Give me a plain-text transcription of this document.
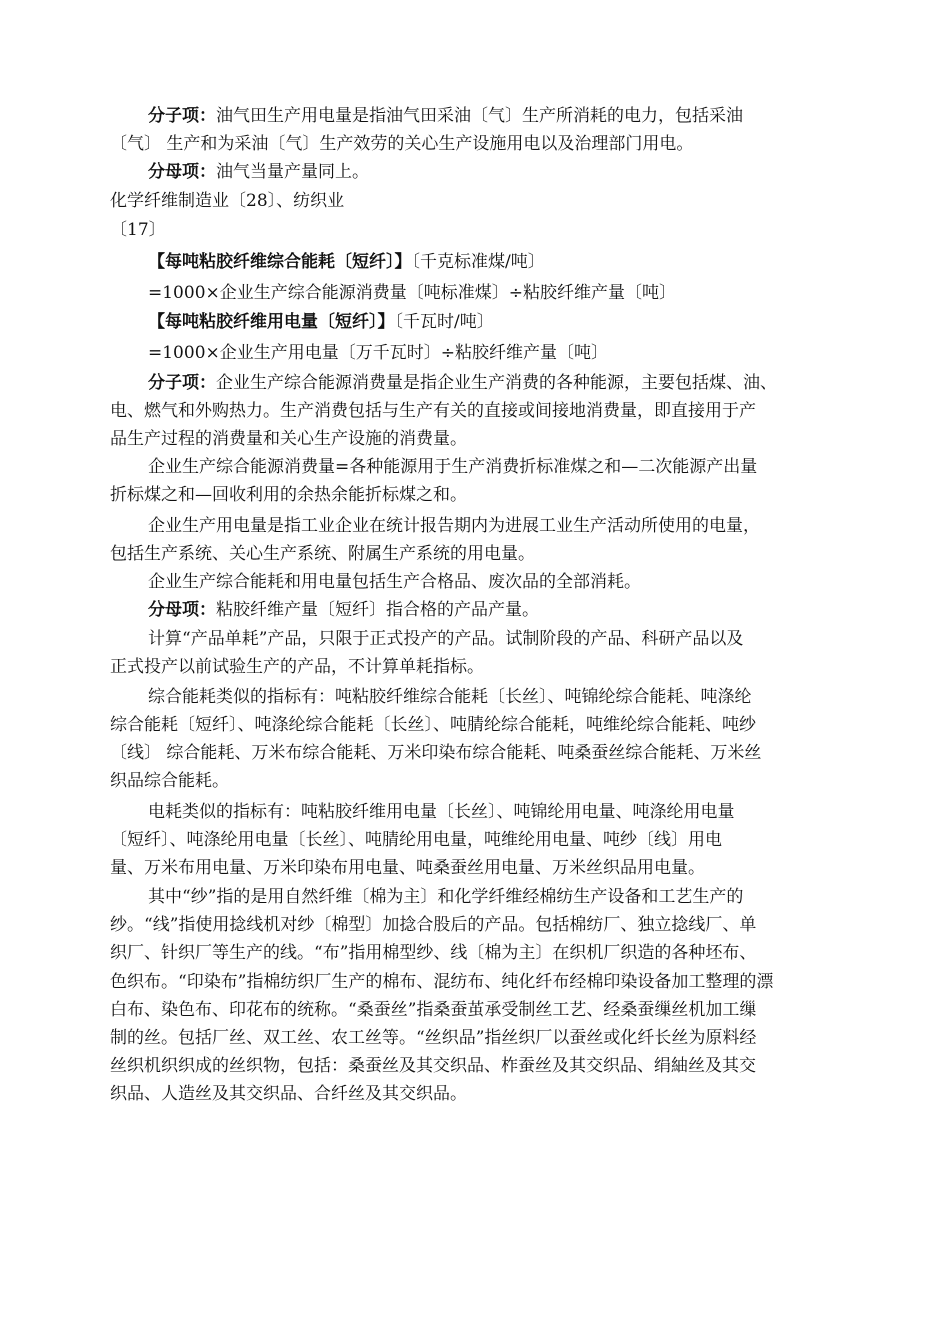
分子项：油气田生产用电量是指油气田采油〔气〕生产所消耗的电力，包括采油
〔气〕 生产和为采油〔气〕生产效劳的关心生产设施用电以及治理部门用电。
分母项：油气当量产量同上。
化学纤维制造业〔28〕、纺织业
〔17〕
【每吨粘胶纤维综合能耗〔短纤〕】〔千克标准煤/吨〕
=1000×企业生产综合能源消费量〔吨标准煤〕÷粘胶纤维产量〔吨〕
【每吨粘胶纤维用电量〔短纤〕】〔千瓦时/吨〕
=1000×企业生产用电量〔万千瓦时〕÷粘胶纤维产量〔吨〕
分子项：企业生产综合能源消费量是指企业生产消费的各种能源，主要包括煤、油、
电、燃气和外购热力。生产消费包括与生产有关的直接或间接地消费量，即直接用于产
品生产过程的消费量和关心生产设施的消费量。
企业生产综合能源消费量=各种能源用于生产消费折标准煤之和—二次能源产出量
折标煤之和—回收利用的余热余能折标煤之和。
企业生产用电量是指工业企业在统计报告期内为进展工业生产活动所使用的电量，
包括生产系统、关心生产系统、附属生产系统的用电量。
企业生产综合能耗和用电量包括生产合格品、废次品的全部消耗。
分母项：粘胶纤维产量〔短纤〕指合格的产品产量。
计算“产品单耗”产品，只限于正式投产的产品。试制阶段的产品、科研产品以及
正式投产以前试验生产的产品，不计算单耗指标。
综合能耗类似的指标有：吨粘胶纤维综合能耗〔长丝〕、吨锦纶综合能耗、吨涤纶
综合能耗〔短纤〕、吨涤纶综合能耗〔长丝〕、吨腈纶综合能耗，吨维纶综合能耗、吨纱
〔线〕 综合能耗、万米布综合能耗、万米印染布综合能耗、吨桑蚕丝综合能耗、万米丝
织品综合能耗。
电耗类似的指标有：吨粘胶纤维用电量〔长丝〕、吨锦纶用电量、吨涤纶用电量
〔短纤〕、吨涤纶用电量〔长丝〕、吨腈纶用电量，吨维纶用电量、吨纱〔线〕用电
量、万米布用电量、万米印染布用电量、吨桑蚕丝用电量、万米丝织品用电量。
其中“纱”指的是用自然纤维〔棉为主〕和化学纤维经棉纺生产设备和工艺生产的
纱。“线”指使用捻线机对纱〔棉型〕加捻合股后的产品。包括棉纺厂、独立捻线厂、单
织厂、针织厂等生产的线。“布”指用棉型纱、线〔棉为主〕在织机厂织造的各种坯布、
色织布。“印染布”指棉纺织厂生产的棉布、混纺布、纯化纤布经棉印染设备加工整理的漂
白布、染色布、印花布的统称。“桑蚕丝”指桑蚕茧承受制丝工艺、经桑蚕缫丝机加工缫
制的丝。包括厂丝、双工丝、农工丝等。“丝织品”指丝织厂以蚕丝或化纤长丝为原料经
丝织机织织成的丝织物，包括：桑蚕丝及其交织品、柞蚕丝及其交织品、绢紬丝及其交
织品、人造丝及其交织品、合纤丝及其交织品。
